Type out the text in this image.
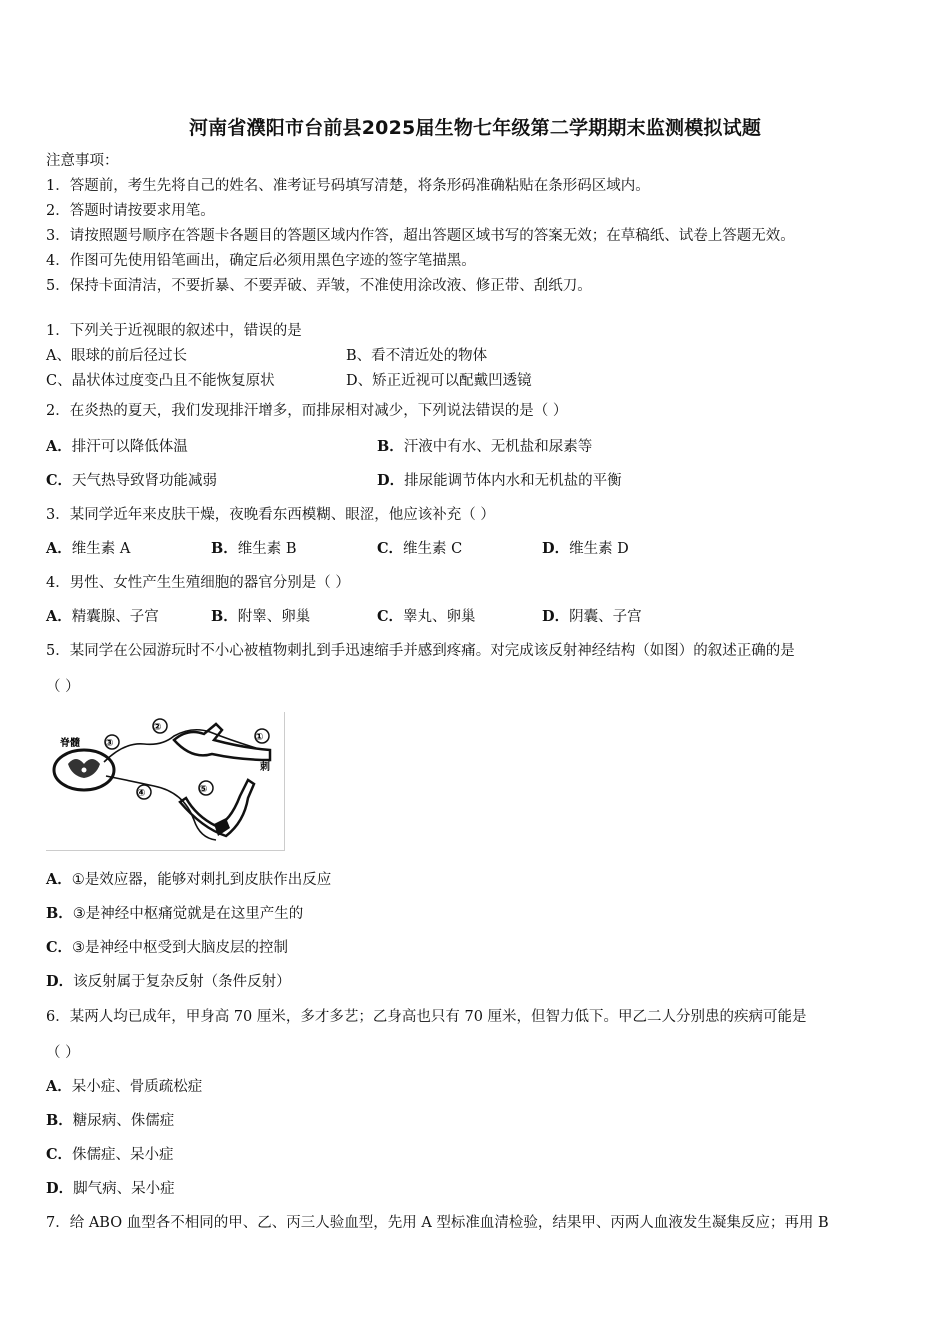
河南省濮阳市台前县2025届生物七年级第二学期期末监测模拟试题
注意事项：
1．答题前，考生先将自己的姓名、准考证号码填写清楚，将条形码准确粘贴在条形码区域内。
2．答题时请按要求用笔。
3．请按照题号顺序在答题卡各题目的答题区域内作答，超出答题区域书写的答案无效；在草稿纸、试卷上答题无效。
4．作图可先使用铅笔画出，确定后必须用黑色字迹的签字笔描黑。
5．保持卡面清洁，不要折暴、不要弄破、弄皱，不准使用涂改液、修正带、刮纸刀。
1．下列关于近视眼的叙述中，错误的是
A、眼球的前后径过长	B、看不清近处的物体
C、晶状体过度变凸且不能恢复原状	D、矫正近视可以配戴凹透镜
2．在炎热的夏天，我们发现排汗增多，而排尿相对减少，下列说法错误的是（ ）
A．排汗可以降低体温	B．汗液中有水、无机盐和尿素等
C．天气热导致肾功能减弱	D．排尿能调节体内水和无机盐的平衡
3．某同学近年来皮肤干燥，夜晚看东西模糊、眼涩，他应该补充（ ）
A．维生素 A	B．维生素 B	C．维生素 C	D．维生素 D
4．男性、女性产生生殖细胞的器官分别是（ ）
A．精囊腺、子宫	B．附睾、卵巢	C．睾丸、卵巢	D．阴囊、子宫
5．某同学在公园游玩时不小心被植物刺扎到手迅速缩手并感到疼痛。对完成该反射神经结构（如图）的叙述正确的是
（ ）
脊髓
①
②
③
④	⑤
刺
A．①是效应器，能够对刺扎到皮肤作出反应
B．③是神经中枢痛觉就是在这里产生的
C．③是神经中枢受到大脑皮层的控制
D．该反射属于复杂反射（条件反射）
6．某两人均已成年，甲身高 70 厘米，多才多艺；乙身高也只有 70 厘米，但智力低下。甲乙二人分别患的疾病可能是
（ ）
A．呆小症、骨质疏松症
B．糖尿病、侏儒症
C．侏儒症、呆小症
D．脚气病、呆小症
7．给 ABO 血型各不相同的甲、乙、丙三人验血型，先用 A 型标准血清检验，结果甲、丙两人血液发生凝集反应；再用 B
